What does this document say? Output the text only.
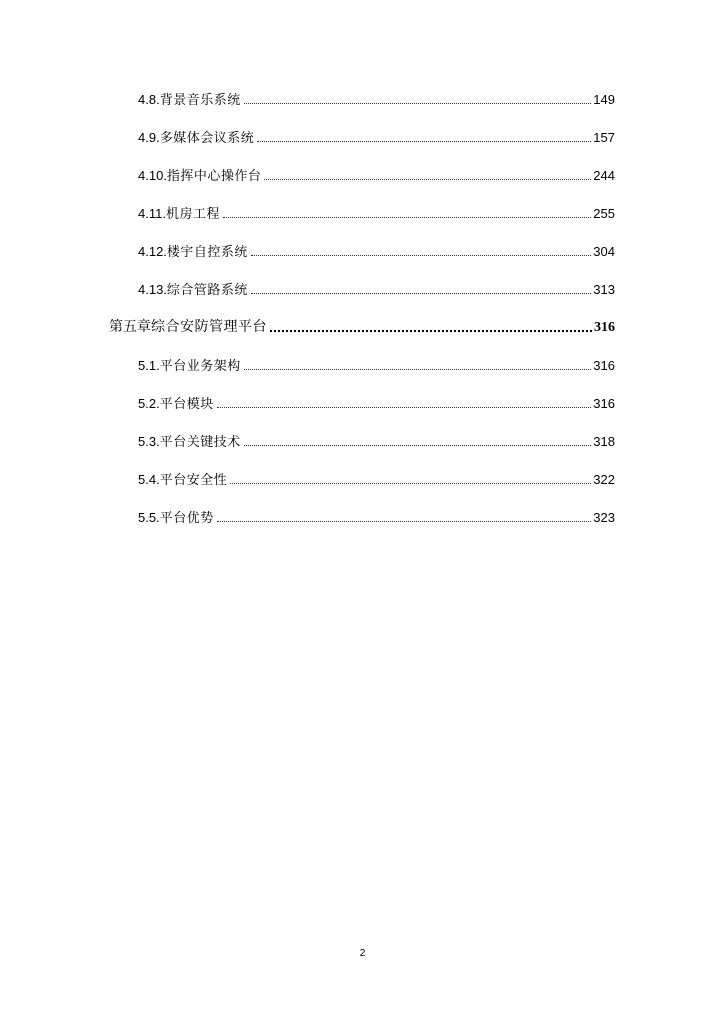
4.8. 背景音乐系统	149
4.9. 多媒体会议系统	157
4.10. 指挥中心操作台	244
4.11. 机房工程	255
4.12. 楼宇自控系统	304
4.13. 综合管路系统	313
第五章 综合安防管理平台	316
5.1. 平台业务架构	316
5.2. 平台模块	316
5.3. 平台关键技术	318
5.4. 平台安全性	322
5.5. 平台优势	323
2
